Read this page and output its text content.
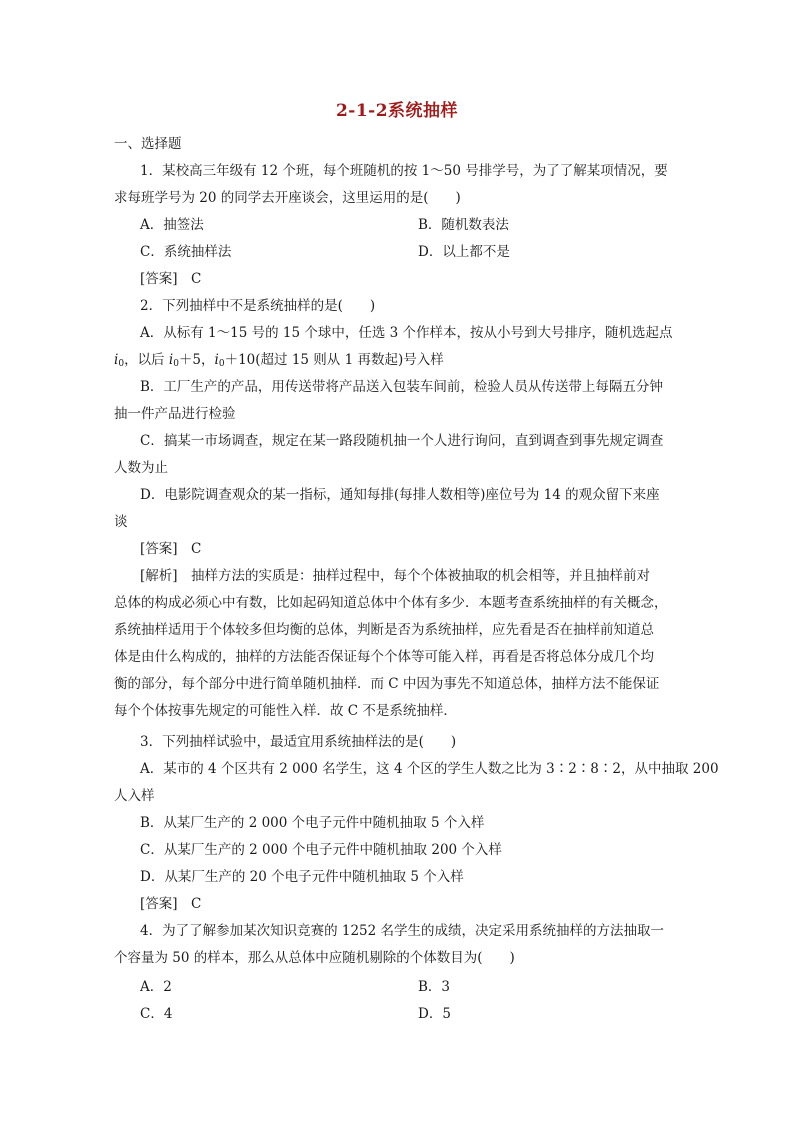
2-1-2系统抽样
一、选择题
1．某校高三年级有 12 个班，每个班随机的按 1～50 号排学号，为了了解某项情况，要
求每班学号为 20 的同学去开座谈会，这里运用的是(　　)
A．抽签法	B．随机数表法
C．系统抽样法	D．以上都不是
[答案]　C
2．下列抽样中不是系统抽样的是(　　)
A．从标有 1～15 号的 15 个球中，任选 3 个作样本，按从小号到大号排序，随机选起点
$i_0$，以后 $i_0+5$，$i_0+10$(超过 15 则从 1 再数起)号入样
B．工厂生产的产品，用传送带将产品送入包装车间前，检验人员从传送带上每隔五分钟
抽一件产品进行检验
C．搞某一市场调查，规定在某一路段随机抽一个人进行询问，直到调查到事先规定调查
人数为止
D．电影院调查观众的某一指标，通知每排(每排人数相等)座位号为 14 的观众留下来座
谈
[答案]　C
[解析]　抽样方法的实质是：抽样过程中，每个个体被抽取的机会相等，并且抽样前对
总体的构成必须心中有数，比如起码知道总体中个体有多少．本题考查系统抽样的有关概念，
系统抽样适用于个体较多但均衡的总体，判断是否为系统抽样，应先看是否在抽样前知道总
体是由什么构成的，抽样的方法能否保证每个个体等可能入样，再看是否将总体分成几个均
衡的部分，每个部分中进行简单随机抽样．而 C 中因为事先不知道总体，抽样方法不能保证
每个个体按事先规定的可能性入样．故 C 不是系统抽样．
3．下列抽样试验中，最适宜用系统抽样法的是(　　)
A．某市的 4 个区共有 2 000 名学生，这 4 个区的学生人数之比为 3∶2∶8∶2，从中抽取 200
人入样
B．从某厂生产的 2 000 个电子元件中随机抽取 5 个入样
C．从某厂生产的 2 000 个电子元件中随机抽取 200 个入样
D．从某厂生产的 20 个电子元件中随机抽取 5 个入样
[答案]　C
4．为了了解参加某次知识竞赛的 1252 名学生的成绩，决定采用系统抽样的方法抽取一
个容量为 50 的样本，那么从总体中应随机剔除的个体数目为(　　)
A．2	B．3
C．4	D．5
